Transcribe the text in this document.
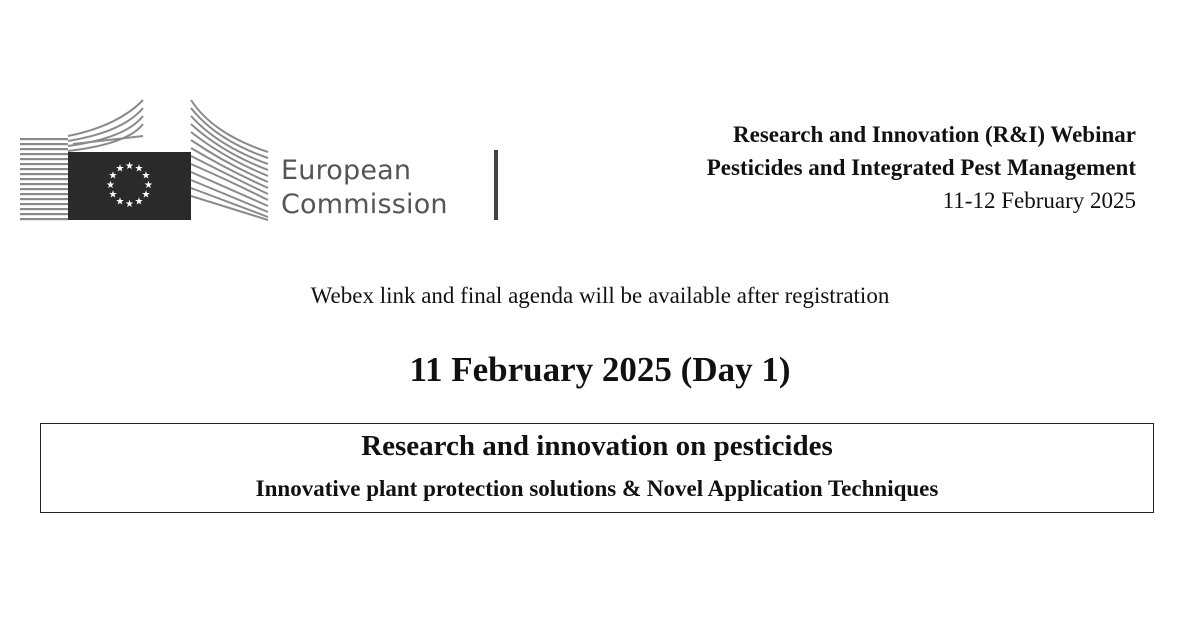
★ ★
★
★
★
★
★
★
★
★
★
★	European
Commission
Research and Innovation (R&I) Webinar
Pesticides and Integrated Pest Management
11-12 February 2025
Webex link and final agenda will be available after registration
11 February 2025 (Day 1)
Research and innovation on pesticides
Innovative plant protection solutions & Novel Application Techniques
